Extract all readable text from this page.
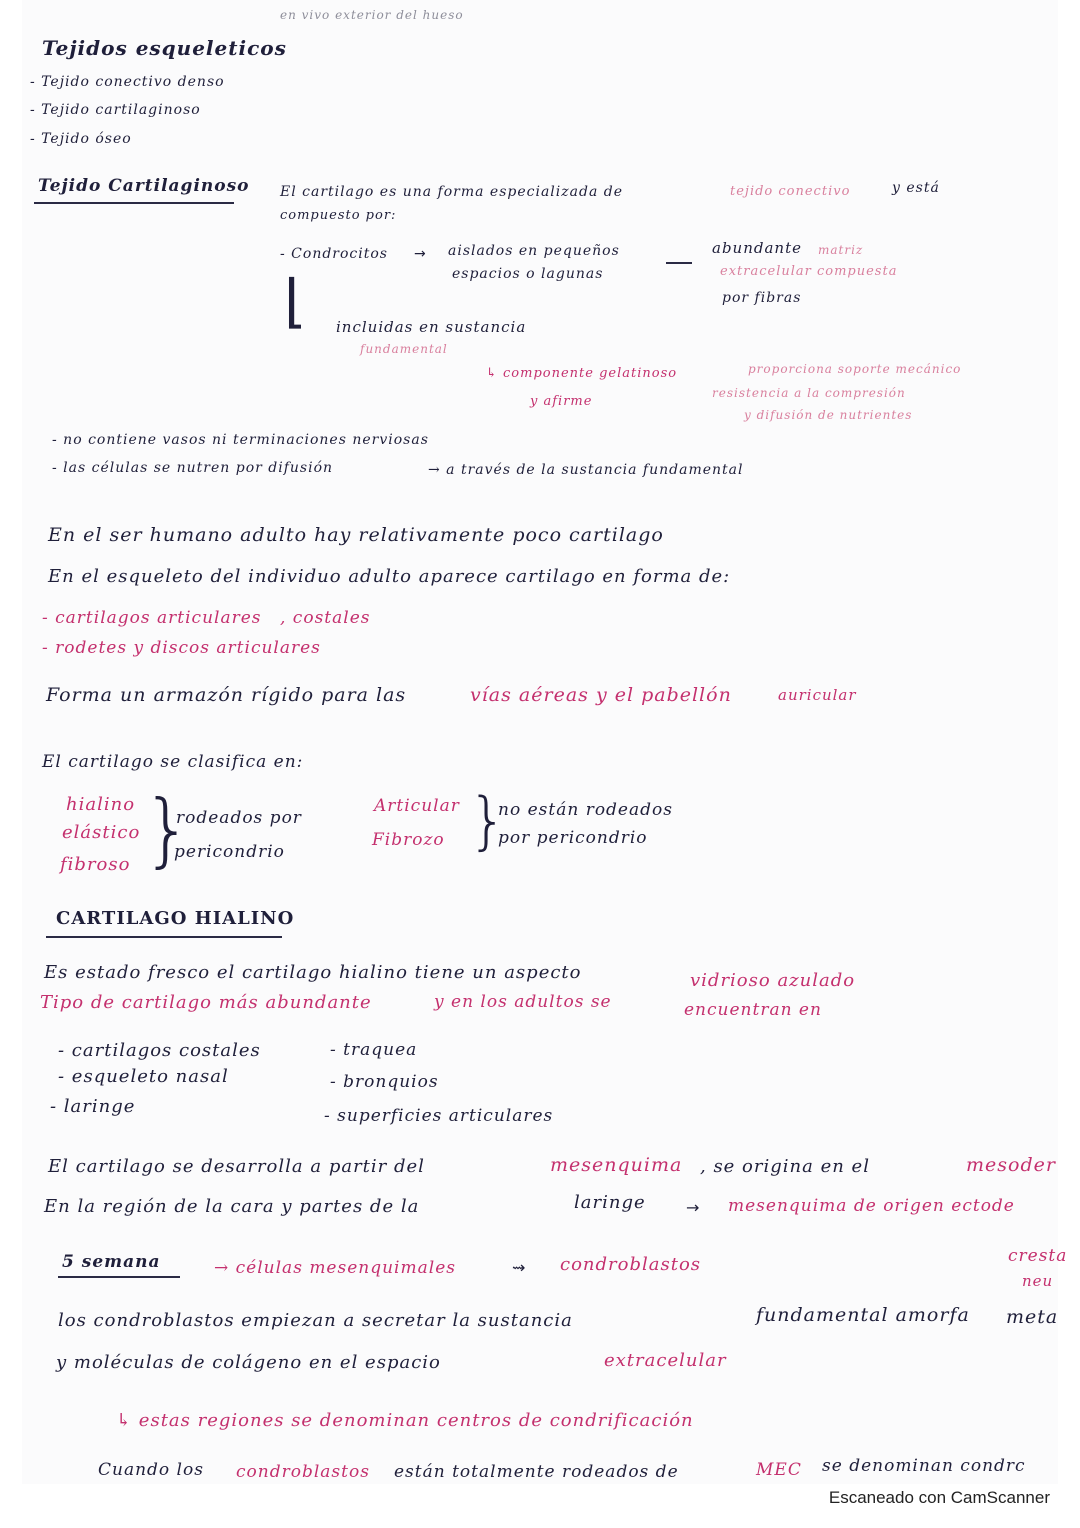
en vivo exterior del hueso
Tejidos esqueleticos
- Tejido conectivo denso
- Tejido cartilaginoso
- Tejido óseo
Tejido Cartilaginoso El cartilago es una forma especializada de	tejido conectivo	y está
compuesto por:
- Condrocitos → aislados en pequeños
espacios o lagunas
abundante matriz
extracelular compuesta
por fibras
⌊ incluidas en sustancia
fundamental
↳ componente gelatinoso
y afirme
proporciona soporte mecánico
resistencia a la compresión
y difusión de nutrientes
- no contiene vasos ni terminaciones nerviosas
- las células se nutren por difusión	→ a través de la sustancia fundamental
En el ser humano adulto hay relativamente poco cartilago
En el esqueleto del individuo adulto aparece cartilago en forma de:
- cartilagos articulares , costales
- rodetes y discos articulares
Forma un armazón rígido para las	vías aéreas y el pabellón	auricular
El cartilago se clasifica en:
hialino
elástico
fibroso }
rodeados por
pericondrio
Articular
Fibrozo }
no están rodeados
por pericondrio
CARTILAGO HIALINO
Es estado fresco el cartilago hialino tiene un aspecto	vidrioso azulado
Tipo de cartilago más abundante	y en los adultos se	encuentran en
- cartilagos costales
- esqueleto nasal
- laringe
- traquea
- bronquios
- superficies articulares
El cartilago se desarrolla a partir del	mesenquima , se origina en el	mesoder
En la región de la cara y partes de la	laringe	→ mesenquima de origen ectode
cresta
neu
5 semana	→ células mesenquimales	⇝ condroblastos
los condroblastos empiezan a secretar la sustancia	fundamental amorfa meta
y moléculas de colágeno en el espacio	extracelular
↳ estas regiones se denominan centros de condrificación
Cuando los condroblastos están totalmente rodeados de	MEC se denominan condrc
Escaneado con CamScanner
